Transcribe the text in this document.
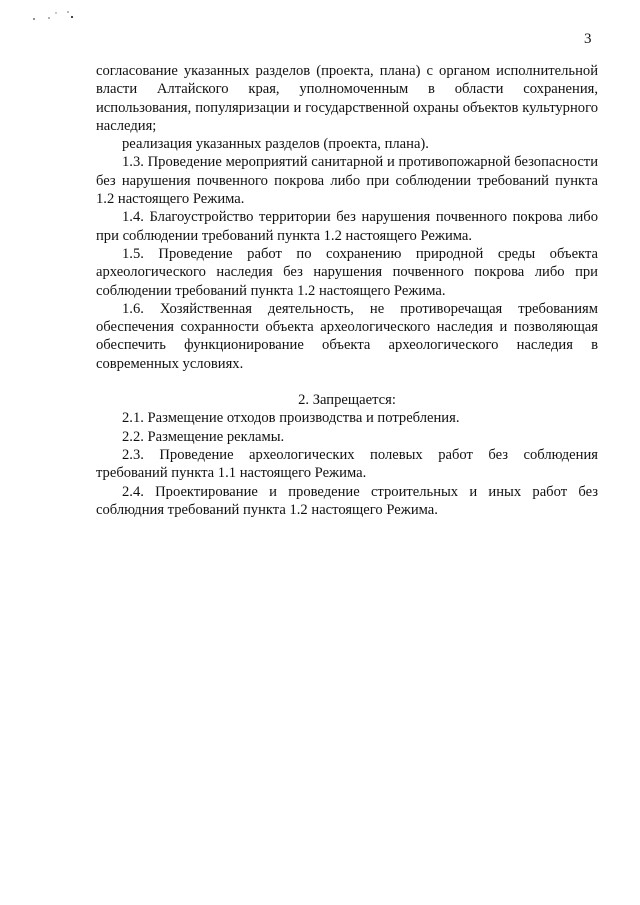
3

согласование указанных разделов (проекта, плана) с органом исполнительной власти Алтайского края, уполномоченным в области сохранения, использования, популяризации и государственной охраны объектов культурного наследия;

реализация указанных разделов (проекта, плана).

1.3. Проведение мероприятий санитарной и противопожарной безопасности без нарушения почвенного покрова либо при соблюдении требований пункта 1.2 настоящего Режима.

1.4. Благоустройство территории без нарушения почвенного покрова либо при соблюдении требований пункта 1.2 настоящего Режима.

1.5. Проведение работ по сохранению природной среды объекта археологического наследия без нарушения почвенного покрова либо при соблюдении требований пункта 1.2 настоящего Режима.

1.6. Хозяйственная деятельность, не противоречащая требованиям обеспечения сохранности объекта археологического наследия и позволяющая обеспечить функционирование объекта археологического наследия в современных условиях.

2. Запрещается:

2.1. Размещение отходов производства и потребления.

2.2. Размещение рекламы.

2.3. Проведение археологических полевых работ без соблюдения требований пункта 1.1 настоящего Режима.

2.4. Проектирование и проведение строительных и иных работ без соблюдния требований пункта 1.2 настоящего Режима.
